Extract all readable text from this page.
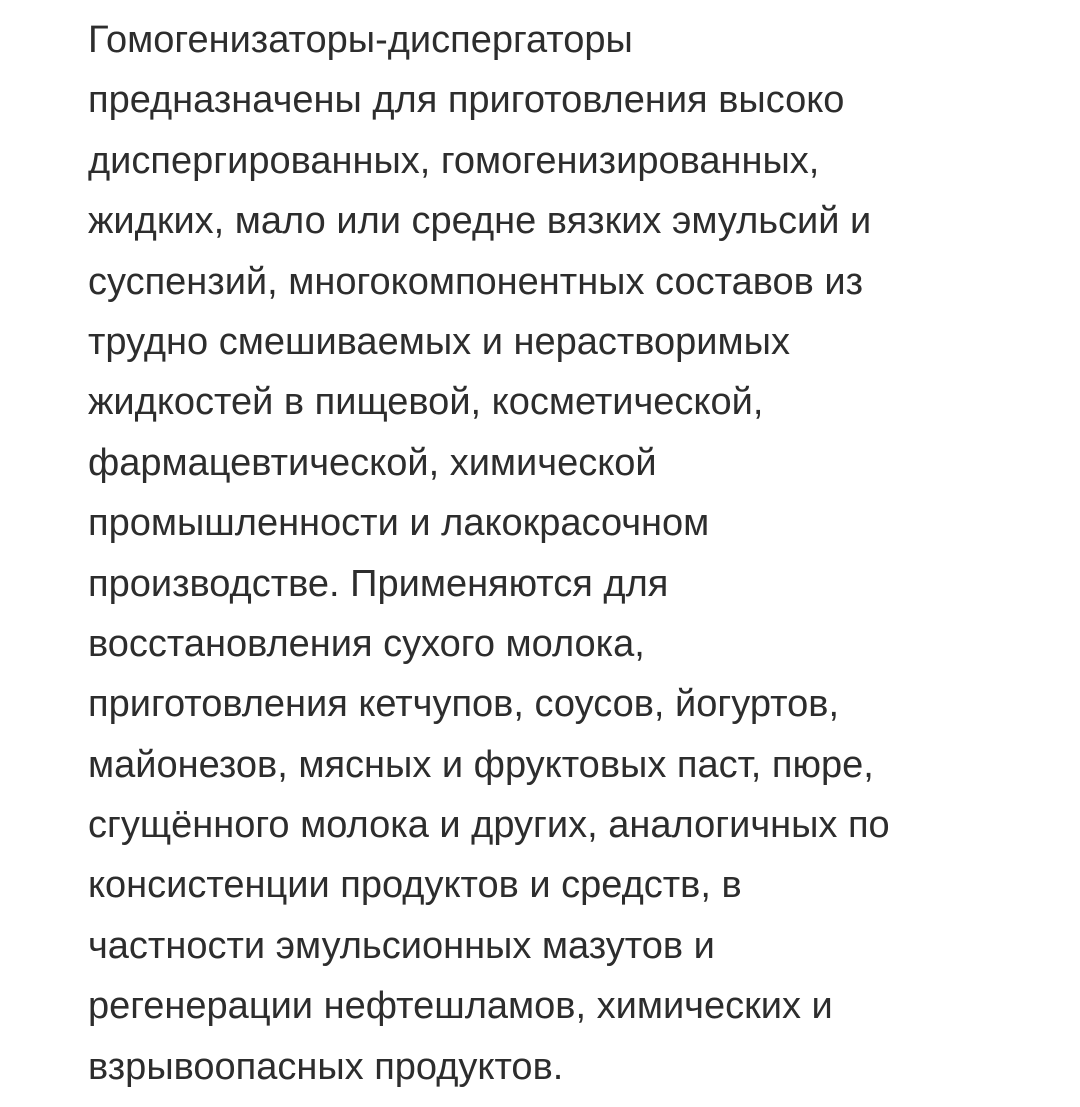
Гомогенизаторы-диспергаторы
предназначены для приготовления высоко
диспергированных, гомогенизированных,
жидких, мало или средне вязких эмульсий и
суспензий, многокомпонентных составов из
трудно смешиваемых и нерастворимых
жидкостей в пищевой, косметической,
фармацевтической, химической
промышленности и лакокрасочном
производстве. Применяются для
восстановления сухого молока,
приготовления кетчупов, соусов, йогуртов,
майонезов, мясных и фруктовых паст, пюре,
сгущённого молока и других, аналогичных по
консистенции продуктов и средств, в
частности эмульсионных мазутов и
регенерации нефтешламов, химических и
взрывоопасных продуктов.
